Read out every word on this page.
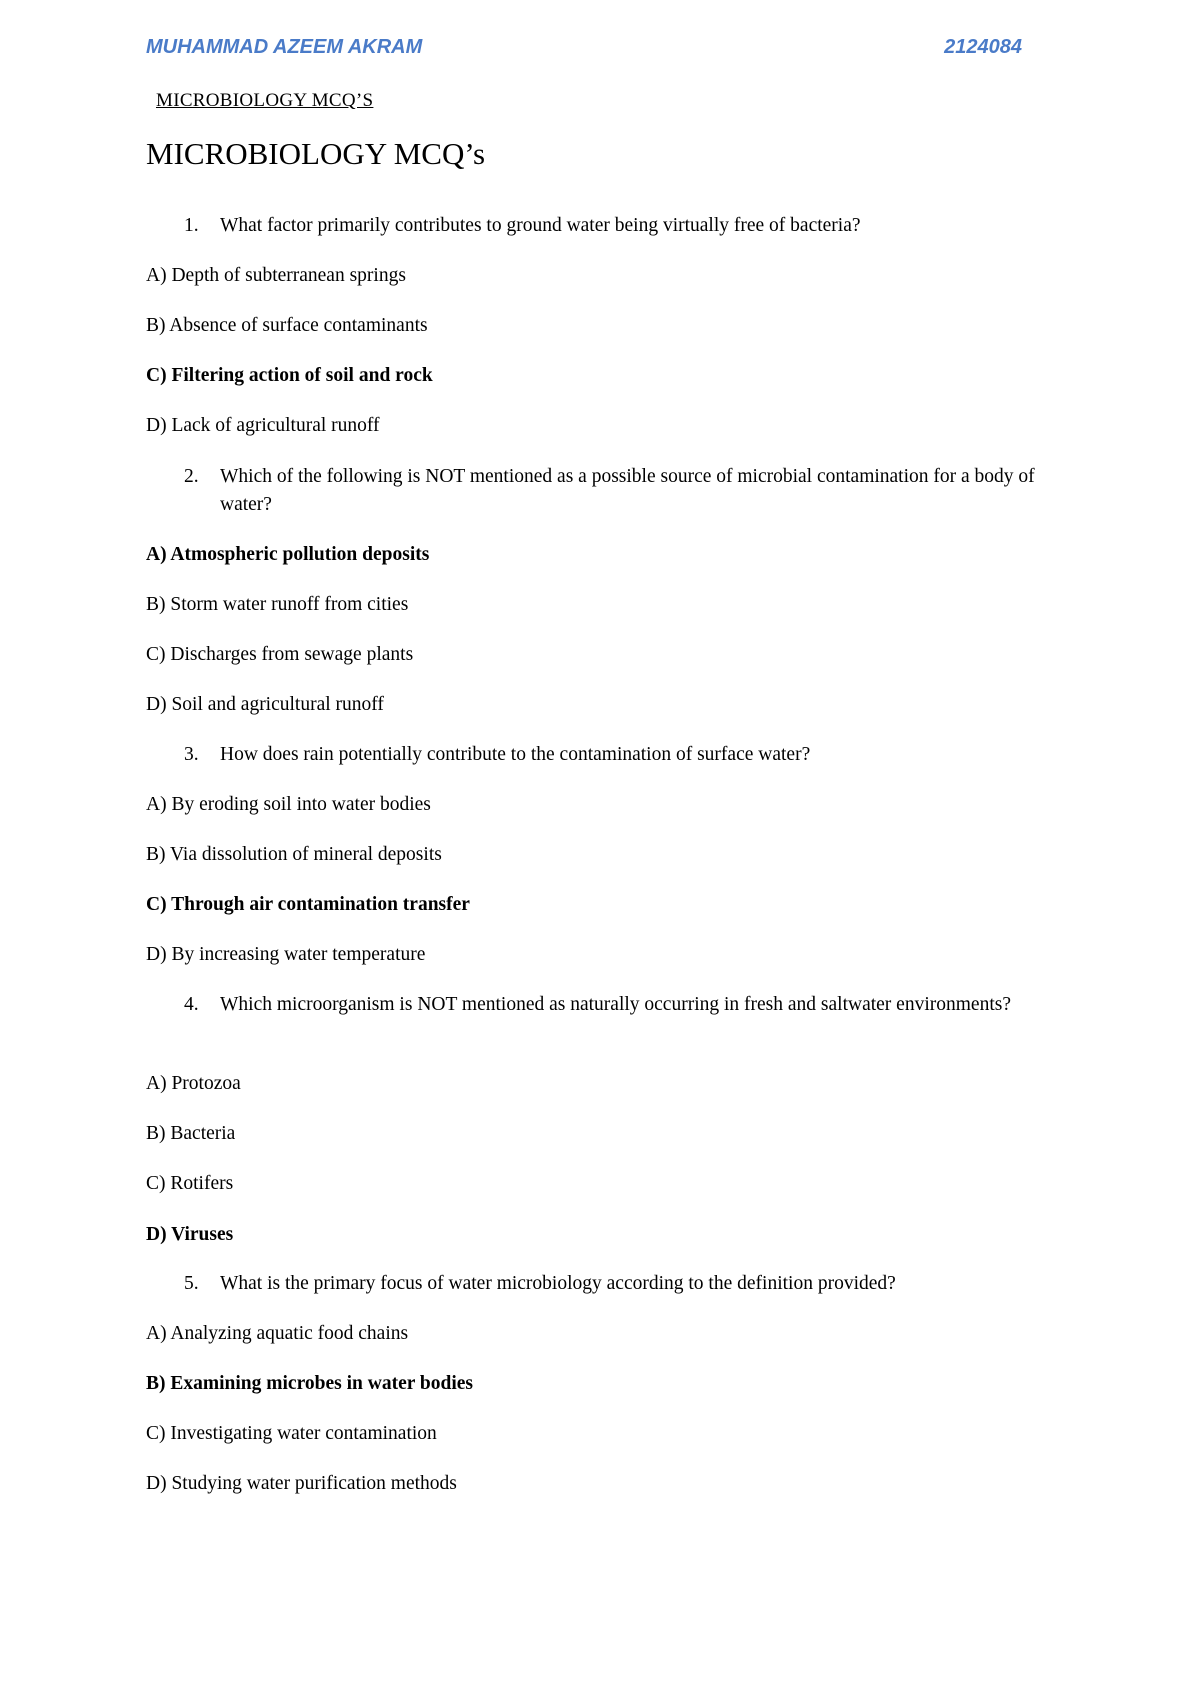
MUHAMMAD AZEEM AKRAM	2124084
MICROBIOLOGY MCQ’S
MICROBIOLOGY MCQ’s
1. What factor primarily contributes to ground water being virtually free of bacteria?
A) Depth of subterranean springs
B) Absence of surface contaminants
C) Filtering action of soil and rock
D) Lack of agricultural runoff
2. Which of the following is NOT mentioned as a possible source of microbial contamination for a body of water?
A) Atmospheric pollution deposits
B) Storm water runoff from cities
C) Discharges from sewage plants
D) Soil and agricultural runoff
3. How does rain potentially contribute to the contamination of surface water?
A) By eroding soil into water bodies
B) Via dissolution of mineral deposits
C) Through air contamination transfer
D) By increasing water temperature
4. Which microorganism is NOT mentioned as naturally occurring in fresh and saltwater environments?
A) Protozoa
B) Bacteria
C) Rotifers
D) Viruses
5. What is the primary focus of water microbiology according to the definition provided?
A) Analyzing aquatic food chains
B) Examining microbes in water bodies
C) Investigating water contamination
D) Studying water purification methods
